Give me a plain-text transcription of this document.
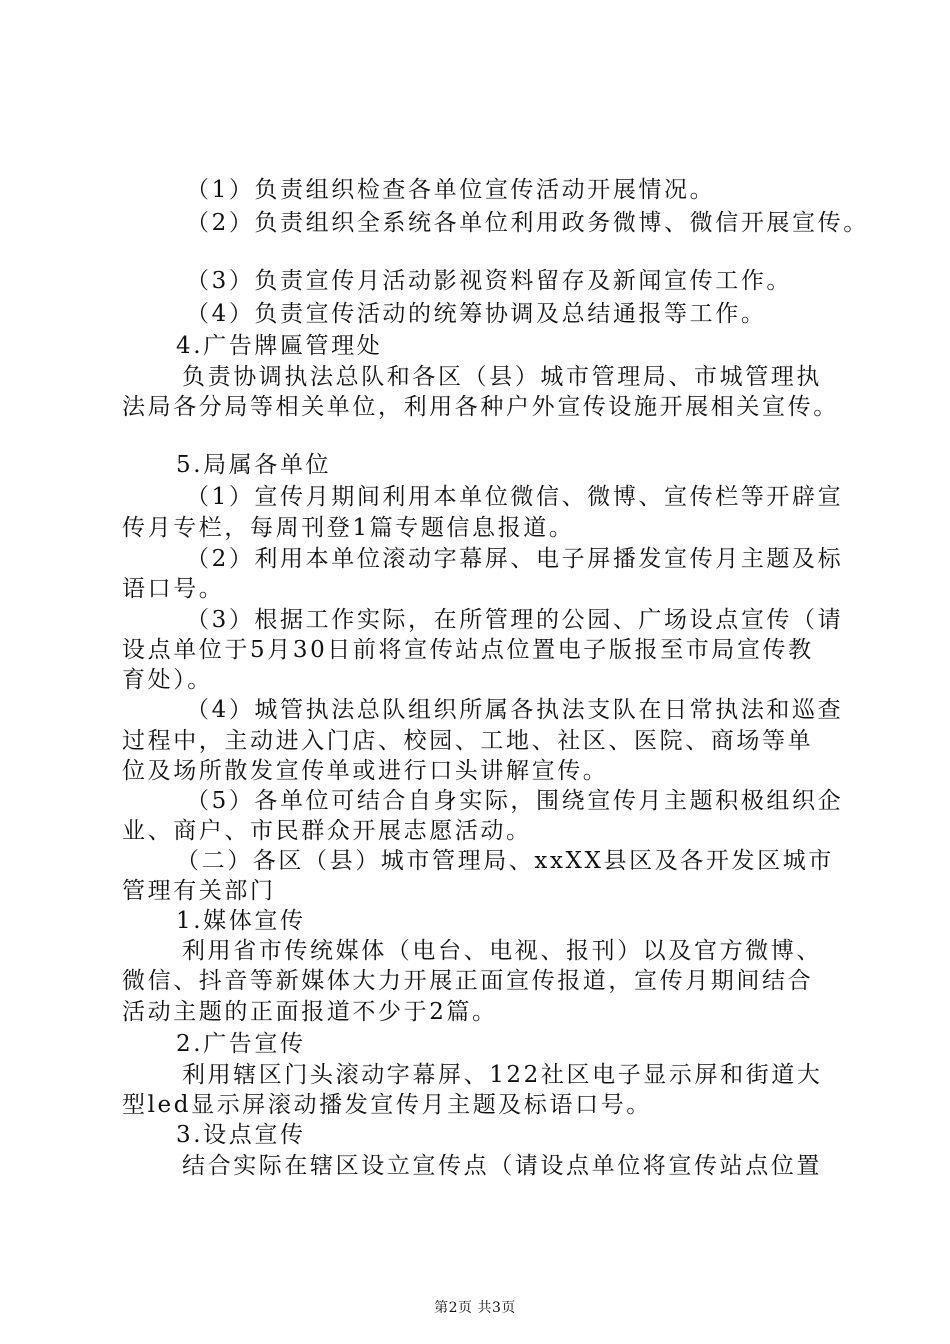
（1）负责组织检查各单位宣传活动开展情况。
（2）负责组织全系统各单位利用政务微博、微信开展宣传。
（3）负责宣传月活动影视资料留存及新闻宣传工作。
（4）负责宣传活动的统筹协调及总结通报等工作。
4.广告牌匾管理处
负责协调执法总队和各区（县）城市管理局、市城管理执
法局各分局等相关单位，利用各种户外宣传设施开展相关宣传。
5.局属各单位
（1）宣传月期间利用本单位微信、微博、宣传栏等开辟宣
传月专栏，每周刊登1篇专题信息报道。
（2）利用本单位滚动字幕屏、电子屏播发宣传月主题及标
语口号。
（3）根据工作实际，在所管理的公园、广场设点宣传（请
设点单位于5月30日前将宣传站点位置电子版报至市局宣传教
育处）。
（4）城管执法总队组织所属各执法支队在日常执法和巡查
过程中，主动进入门店、校园、工地、社区、医院、商场等单
位及场所散发宣传单或进行口头讲解宣传。
（5）各单位可结合自身实际，围绕宣传月主题积极组织企
业、商户、市民群众开展志愿活动。
（二）各区（县）城市管理局、xxXX县区及各开发区城市
管理有关部门
1.媒体宣传
利用省市传统媒体（电台、电视、报刊）以及官方微博、
微信、抖音等新媒体大力开展正面宣传报道，宣传月期间结合
活动主题的正面报道不少于2篇。
2.广告宣传
利用辖区门头滚动字幕屏、122社区电子显示屏和街道大
型led显示屏滚动播发宣传月主题及标语口号。
3.设点宣传
结合实际在辖区设立宣传点（请设点单位将宣传站点位置
第2页 共3页
